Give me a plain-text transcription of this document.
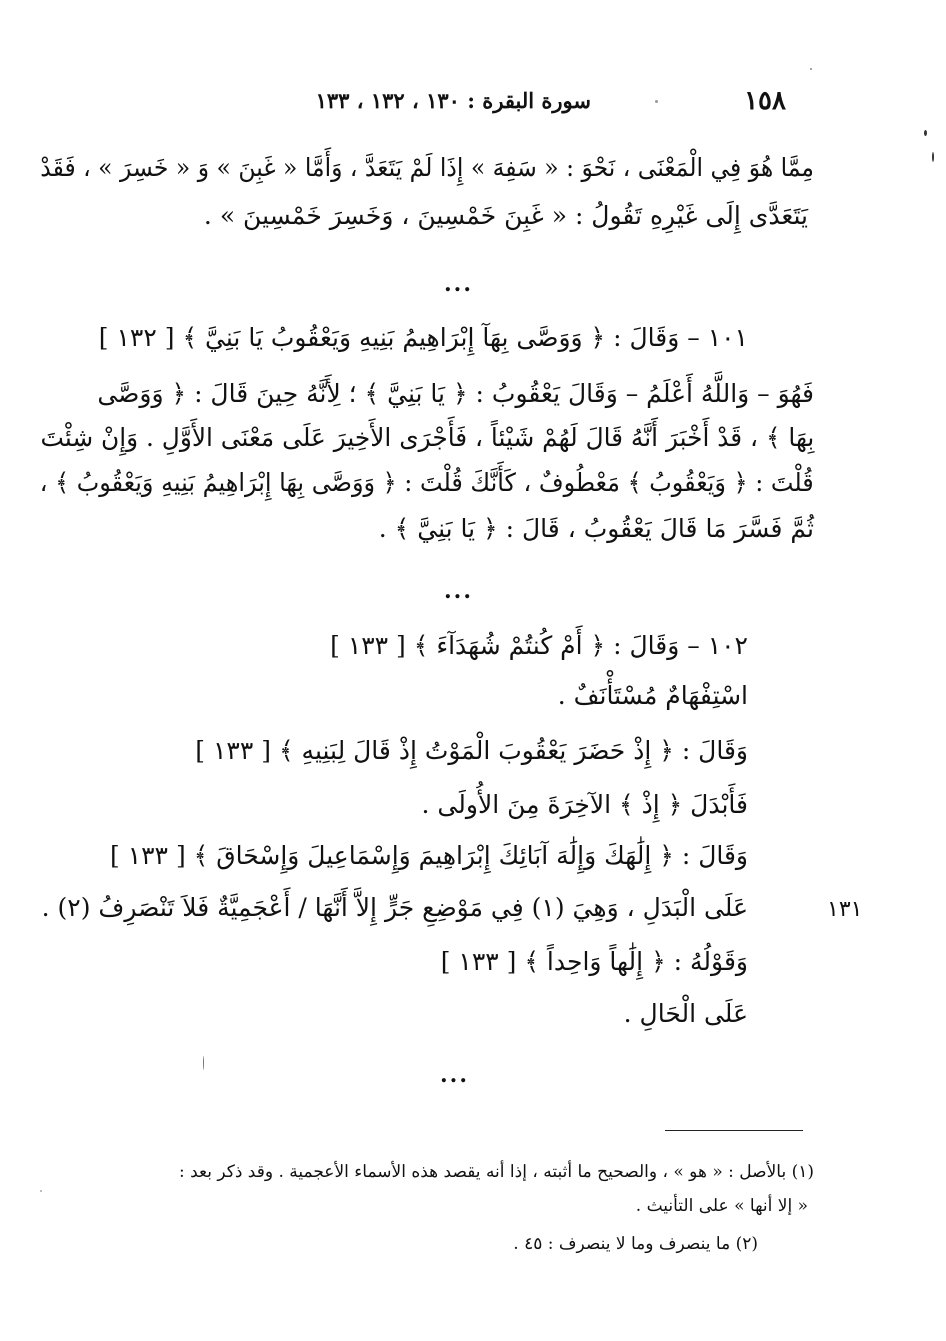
١٥٨
سورة البقرة : ١٣٠ ، ١٣٢ ، ١٣٣
مِمَّا هُوَ فِي الْمَعْنَى ، نَحْوَ : « سَفِهَ » إِذَا لَمْ يَتَعَدَّ ، وَأَمَّا « غَبِنَ » وَ « خَسِرَ » ، فَقَدْ
يَتَعَدَّى إِلَى غَيْرِهِ تَقُولُ : « غَبِنَ خَمْسِينَ ، وَخَسِرَ خَمْسِينَ » .
...
١٠١ – وَقَالَ : ﴿ وَوَصَّى بِهَآ إِبْرَاهِيمُ بَنِيهِ وَيَعْقُوبُ يَا بَنِيَّ ﴾ [ ١٣٢ ]
فَهُوَ – وَاللَّهُ أَعْلَمُ – وَقَالَ يَعْقُوبُ : ﴿ يَا بَنِيَّ ﴾ ؛ لِأَنَّهُ حِينَ قَالَ : ﴿ وَوَصَّى
بِهَا ﴾ ، قَدْ أَخْبَرَ أَنَّهُ قَالَ لَهُمْ شَيْئاً ، فَأَجْرَى الأَخِيرَ عَلَى مَعْنَى الأَوَّلِ . وَإِنْ شِئْتَ
قُلْتَ : ﴿ وَيَعْقُوبُ ﴾ مَعْطُوفٌ ، كَأَنَّكَ قُلْتَ : ﴿ وَوَصَّى بِهَا إِبْرَاهِيمُ بَنِيهِ وَيَعْقُوبُ ﴾ ،
ثُمَّ فَسَّرَ مَا قَالَ يَعْقُوبُ ، قَالَ : ﴿ يَا بَنِيَّ ﴾ .
...
١٠٢ – وَقَالَ : ﴿ أَمْ كُنتُمْ شُهَدَآءَ ﴾ [ ١٣٣ ]
اسْتِفْهَامٌ مُسْتَأْنَفٌ .
وَقَالَ : ﴿ إِذْ حَضَرَ يَعْقُوبَ الْمَوْتُ إِذْ قَالَ لِبَنِيهِ ﴾ [ ١٣٣ ]
فَأَبْدَلَ ﴿ إِذْ ﴾ الآخِرَةَ مِنَ الأُولَى .
وَقَالَ : ﴿ إِلَٰهَكَ وَإِلَٰهَ آبَائِكَ إِبْرَاهِيمَ وَإِسْمَاعِيلَ وَإِسْحَاقَ ﴾ [ ١٣٣ ]
عَلَى الْبَدَلِ ، وَهِيَ (١) فِي مَوْضِعِ جَرٍّ إِلاَّ أَنَّهَا / أَعْجَمِيَّةٌ فَلاَ تَنْصَرِفُ (٢) .
وَقَوْلُهُ : ﴿ إِلَٰهاً وَاحِداً ﴾ [ ١٣٣ ]
عَلَى الْحَالِ .
١٣١
...
(١) بالأصل : « هو » ، والصحيح ما أثبته ، إذا أنه يقصد هذه الأسماء الأعجمية . وقد ذكر بعد :
« إلا أنها » على التأنيث .
(٢) ما ينصرف وما لا ينصرف : ٤٥ .
